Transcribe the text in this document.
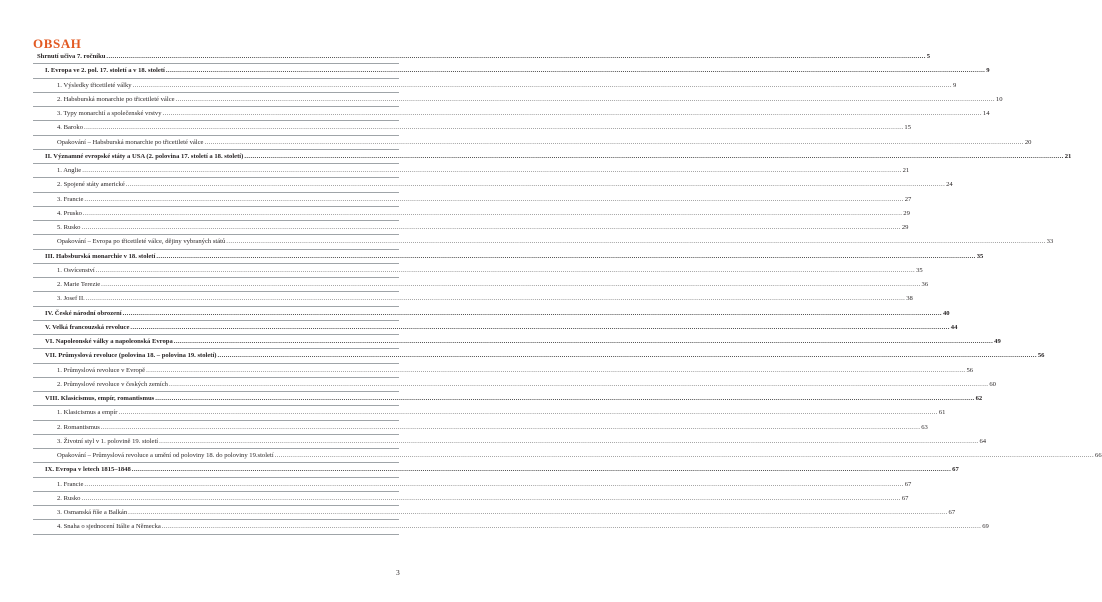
OBSAH
Shrnutí učiva 7. ročníku ................................................................................................................................................................................................................................................................................................................................................................................................................ 5
I. Evropa ve 2. pol. 17. století a v 18. století ................................................................................................................................................................................................................................................................................................................................................................................................................ 9
1. Výsledky třicetileté války ................................................................................................................................................................................................................................................................................................................................................................................................................ 9
2. Habsburská monarchie po třicetileté válce ................................................................................................................................................................................................................................................................................................................................................................................................................ 10
3. Typy monarchií a společenské vrstvy ................................................................................................................................................................................................................................................................................................................................................................................................................ 14
4. Baroko ................................................................................................................................................................................................................................................................................................................................................................................................................ 15
Opakování – Habsburská monarchie po třicetileté válce ................................................................................................................................................................................................................................................................................................................................................................................................................ 20
II. Významné evropské státy a USA (2. polovina 17. století a 18. století) ................................................................................................................................................................................................................................................................................................................................................................................................................ 21
1. Anglie ................................................................................................................................................................................................................................................................................................................................................................................................................ 21
2. Spojené státy americké ................................................................................................................................................................................................................................................................................................................................................................................................................ 24
3. Francie ................................................................................................................................................................................................................................................................................................................................................................................................................ 27
4. Prusko ................................................................................................................................................................................................................................................................................................................................................................................................................ 29
5. Rusko ................................................................................................................................................................................................................................................................................................................................................................................................................ 29
Opakování – Evropa po třicetileté válce, dějiny vybraných států ................................................................................................................................................................................................................................................................................................................................................................................................................ 33
III. Habsburská monarchie v 18. století ................................................................................................................................................................................................................................................................................................................................................................................................................ 35
1. Osvícenství ................................................................................................................................................................................................................................................................................................................................................................................................................ 35
2. Marie Terezie ................................................................................................................................................................................................................................................................................................................................................................................................................ 36
3. Josef II. ................................................................................................................................................................................................................................................................................................................................................................................................................ 38
IV. České národní obrození ................................................................................................................................................................................................................................................................................................................................................................................................................ 40
V. Velká francouzská revoluce ................................................................................................................................................................................................................................................................................................................................................................................................................ 44
VI. Napoleonské války a napoleonská Evropa ................................................................................................................................................................................................................................................................................................................................................................................................................ 49
VII. Průmyslová revoluce (polovina 18. – polovina 19. století) ................................................................................................................................................................................................................................................................................................................................................................................................................ 56
1. Průmyslová revoluce v Evropě ................................................................................................................................................................................................................................................................................................................................................................................................................ 56
2. Průmyslové revoluce v českých zemích ................................................................................................................................................................................................................................................................................................................................................................................................................ 60
VIII. Klasicismus, empír, romantismus ................................................................................................................................................................................................................................................................................................................................................................................................................ 62
1. Klasicismus a empír ................................................................................................................................................................................................................................................................................................................................................................................................................ 61
2. Romantismus ................................................................................................................................................................................................................................................................................................................................................................................................................ 63
3. Životní styl v 1. polovině 19. století ................................................................................................................................................................................................................................................................................................................................................................................................................ 64
Opakování – Průmyslová revoluce a umění od poloviny 18. do poloviny 19.století ................................................................................................................................................................................................................................................................................................................................................................................................................ 66
IX. Evropa v letech 1815–1848 ................................................................................................................................................................................................................................................................................................................................................................................................................ 67
1. Francie ................................................................................................................................................................................................................................................................................................................................................................................................................ 67
2. Rusko ................................................................................................................................................................................................................................................................................................................................................................................................................ 67
3. Osmanská říše a Balkán ................................................................................................................................................................................................................................................................................................................................................................................................................ 67
4. Snaha o sjednocení Itálie a Německa ................................................................................................................................................................................................................................................................................................................................................................................................................ 69
3
